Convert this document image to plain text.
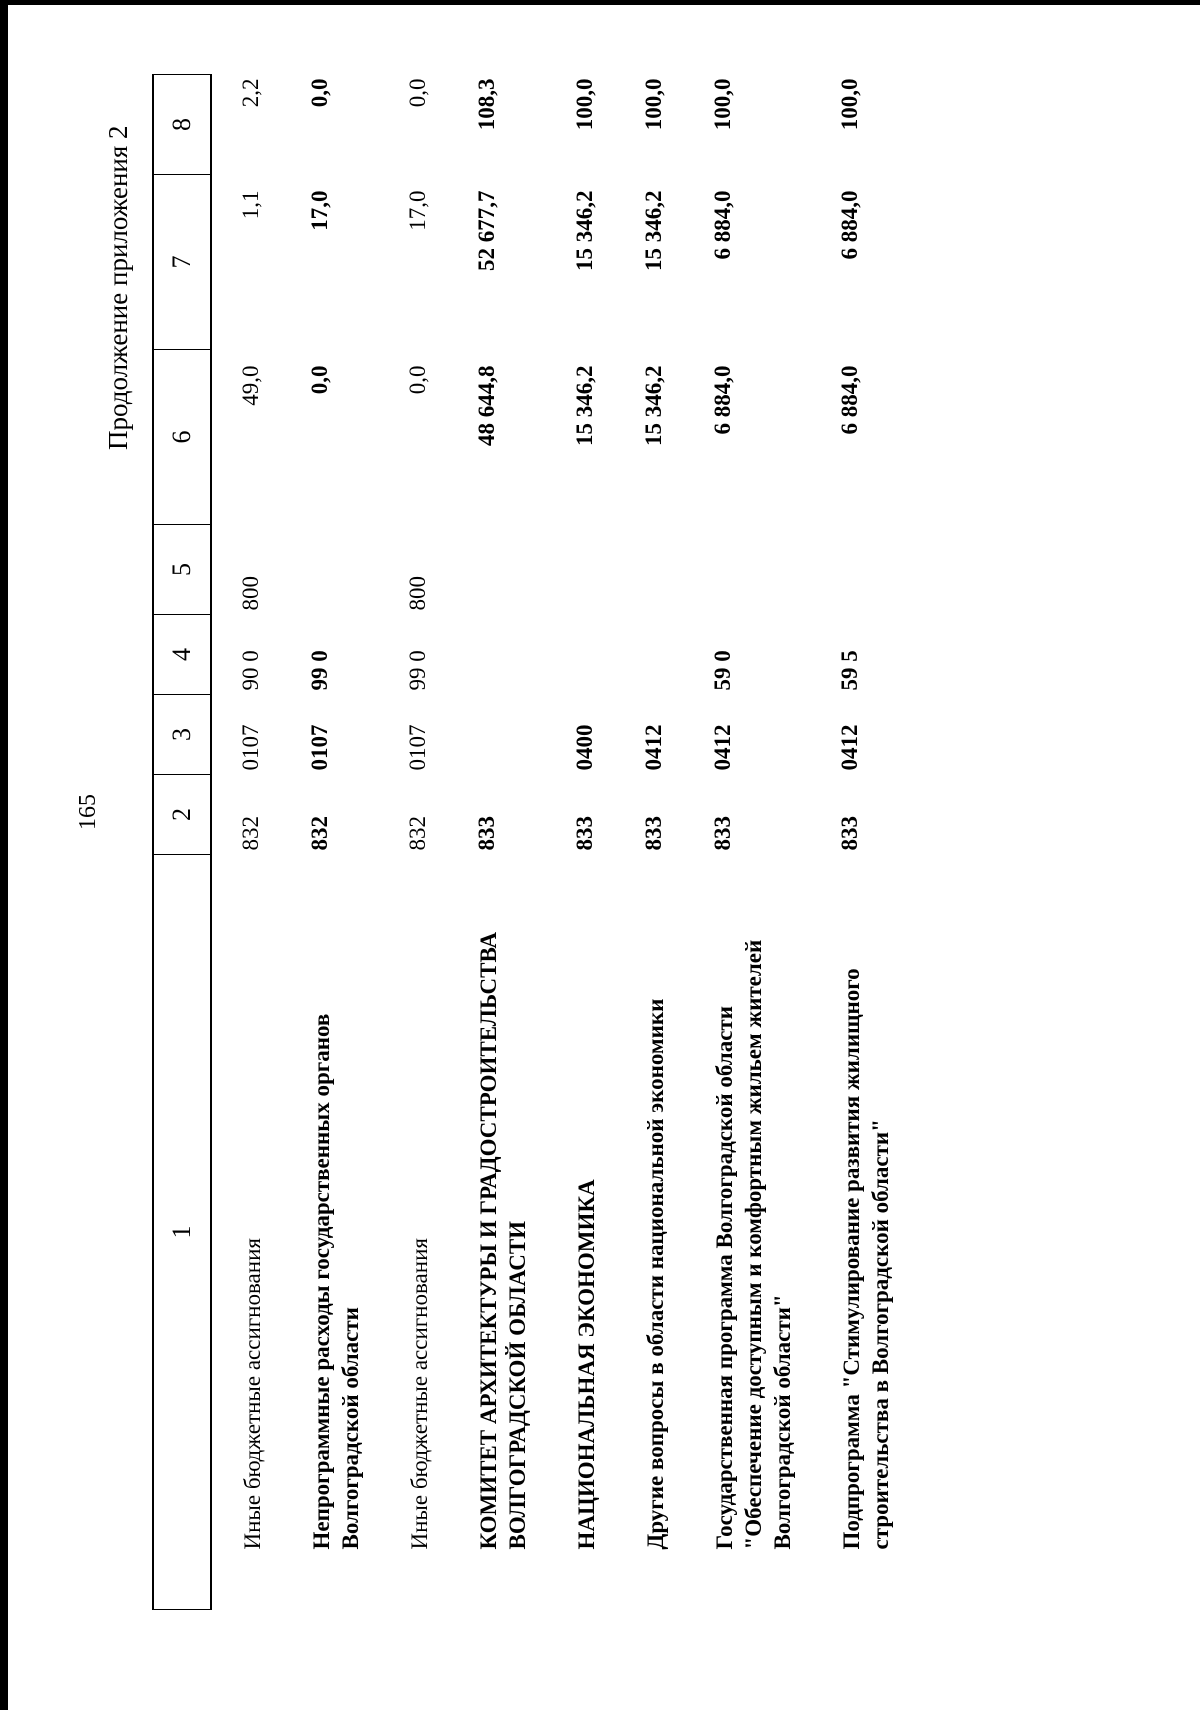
165
Продолжение приложения 2
1	2	3	4	5	6	7	8
Иные бюджетные ассигнования	832	0107	90 0	800	49,0	1,1	2,2
Непрограммные расходы государственных органов Волгоградской области	832	0107	99 0		0,0	17,0	0,0
Иные бюджетные ассигнования	832	0107	99 0	800	0,0	17,0	0,0
КОМИТЕТ АРХИТЕКТУРЫ И ГРАДОСТРОИТЕЛЬСТВА ВОЛГОГРАДСКОЙ ОБЛАСТИ	833				48 644,8	52 677,7	108,3
НАЦИОНАЛЬНАЯ ЭКОНОМИКА	833	0400			15 346,2	15 346,2	100,0
Другие вопросы в области национальной экономики	833	0412			15 346,2	15 346,2	100,0
Государственная программа Волгоградской области "Обеспечение доступным и комфортным жильем жителей Волгоградской области"	833	0412	59 0		6 884,0	6 884,0	100,0
Подпрограмма "Стимулирование развития жилищного строительства в Волгоградской области"	833	0412	59 5		6 884,0	6 884,0	100,0
